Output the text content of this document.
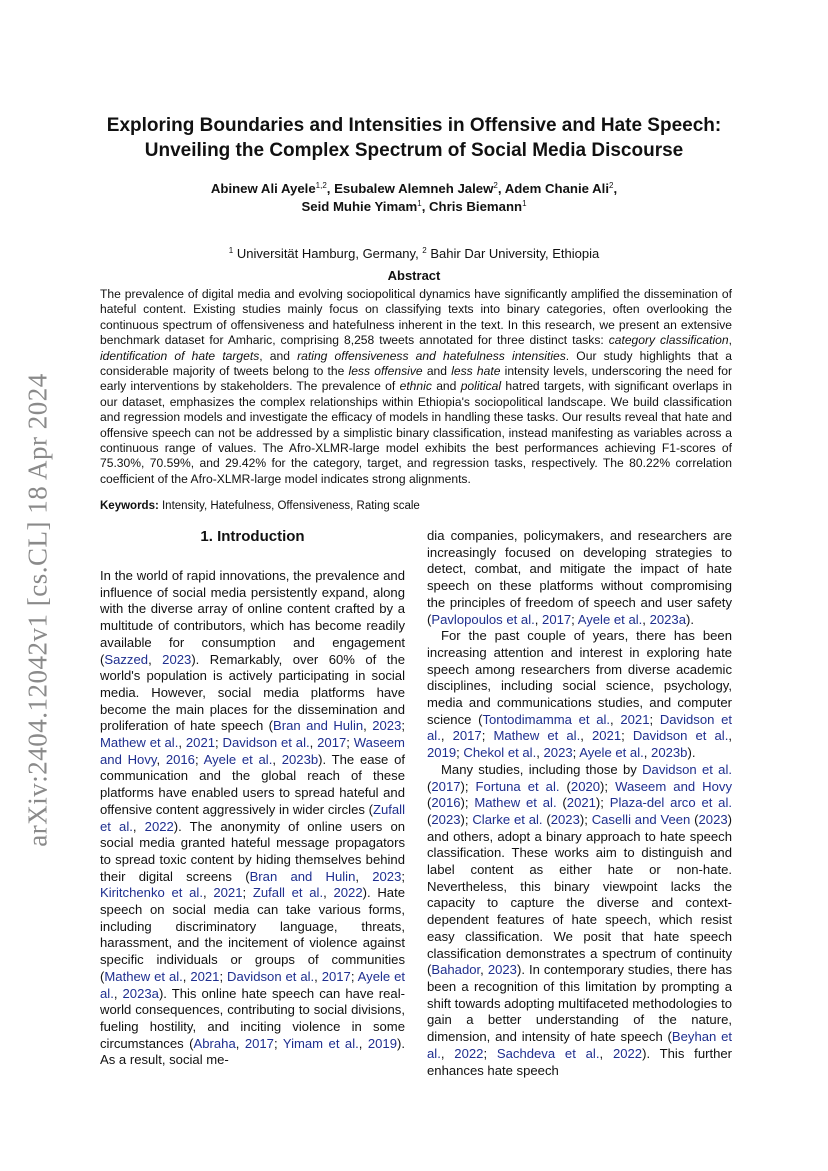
arXiv:2404.12042v1 [cs.CL] 18 Apr 2024
Exploring Boundaries and Intensities in Offensive and Hate Speech:
Unveiling the Complex Spectrum of Social Media Discourse
Abinew Ali Ayele$^{1,2}$, Esubalew Alemneh Jalew$^2$, Adem Chanie Ali$^2$,
Seid Muhie Yimam$^1$, Chris Biemann$^1$
$^1$ Universität Hamburg, Germany, $^2$ Bahir Dar University, Ethiopia
Abstract
The prevalence of digital media and evolving sociopolitical dynamics have significantly amplified the dissemination of hateful content. Existing studies mainly focus on classifying texts into binary categories, often overlooking the continuous spectrum of offensiveness and hatefulness inherent in the text. In this research, we present an extensive benchmark dataset for Amharic, comprising 8,258 tweets annotated for three distinct tasks: category classification, identification of hate targets, and rating offensiveness and hatefulness intensities. Our study highlights that a considerable majority of tweets belong to the less offensive and less hate intensity levels, underscoring the need for early interventions by stakeholders. The prevalence of ethnic and political hatred targets, with significant overlaps in our dataset, emphasizes the complex relationships within Ethiopia's sociopolitical landscape. We build classification and regression models and investigate the efficacy of models in handling these tasks. Our results reveal that hate and offensive speech can not be addressed by a simplistic binary classification, instead manifesting as variables across a continuous range of values. The Afro-XLMR-large model exhibits the best performances achieving F1-scores of 75.30%, 70.59%, and 29.42% for the category, target, and regression tasks, respectively. The 80.22% correlation coefficient of the Afro-XLMR-large model indicates strong alignments.
Keywords: Intensity, Hatefulness, Offensiveness, Rating scale
1. Introduction

In the world of rapid innovations, the prevalence and influence of social media persistently expand, along with the diverse array of online content crafted by a multitude of contributors, which has become readily available for consumption and engagement (Sazzed, 2023). Remarkably, over 60% of the world's population is actively participating in social media. However, social media platforms have become the main places for the dissemination and proliferation of hate speech (Bran and Hulin, 2023; Mathew et al., 2021; Davidson et al., 2017; Waseem and Hovy, 2016; Ayele et al., 2023b). The ease of communication and the global reach of these platforms have enabled users to spread hateful and offensive content aggressively in wider circles (Zufall et al., 2022). The anonymity of online users on social media granted hateful message propagators to spread toxic content by hiding themselves behind their digital screens (Bran and Hulin, 2023; Kiritchenko et al., 2021; Zufall et al., 2022). Hate speech on social media can take various forms, including discriminatory language, threats, harassment, and the incitement of violence against specific individuals or groups of communities (Mathew et al., 2021; Davidson et al., 2017; Ayele et al., 2023a). This online hate speech can have real-world consequences, contributing to social divisions, fueling hostility, and inciting violence in some circumstances (Abraha, 2017; Yimam et al., 2019). As a result, social me-

dia companies, policymakers, and researchers are increasingly focused on developing strategies to detect, combat, and mitigate the impact of hate speech on these platforms without compromising the principles of freedom of speech and user safety (Pavlopoulos et al., 2017; Ayele et al., 2023a).

For the past couple of years, there has been increasing attention and interest in exploring hate speech among researchers from diverse academic disciplines, including social science, psychology, media and communications studies, and computer science (Tontodimamma et al., 2021; Davidson et al., 2017; Mathew et al., 2021; Davidson et al., 2019; Chekol et al., 2023; Ayele et al., 2023b).

Many studies, including those by Davidson et al. (2017); Fortuna et al. (2020); Waseem and Hovy (2016); Mathew et al. (2021); Plaza-del arco et al. (2023); Clarke et al. (2023); Caselli and Veen (2023) and others, adopt a binary approach to hate speech classification. These works aim to distinguish and label content as either hate or non-hate. Nevertheless, this binary viewpoint lacks the capacity to capture the diverse and context-dependent features of hate speech, which resist easy classification. We posit that hate speech classification demonstrates a spectrum of continuity (Bahador, 2023). In contemporary studies, there has been a recognition of this limitation by prompting a shift towards adopting multifaceted methodologies to gain a better understanding of the nature, dimension, and intensity of hate speech (Beyhan et al., 2022; Sachdeva et al., 2022). This further enhances hate speech
